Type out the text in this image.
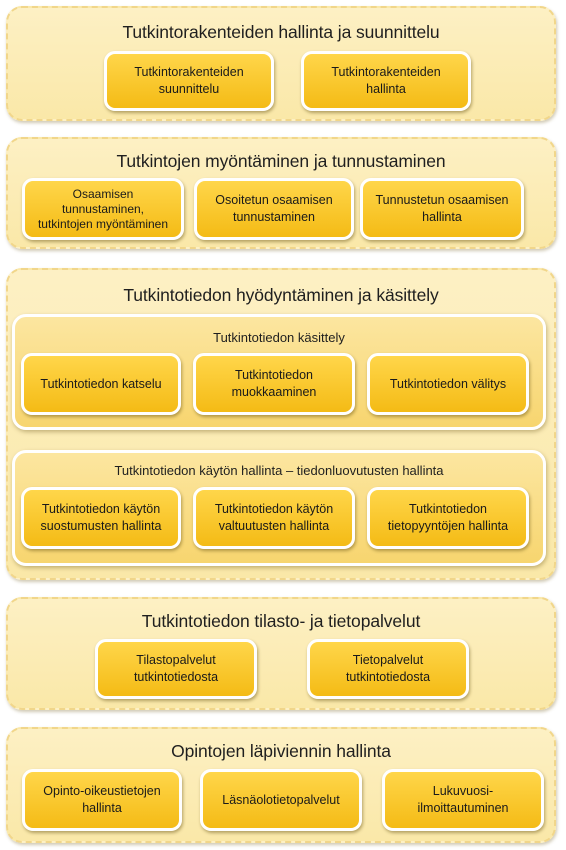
Tutkintorakenteiden hallinta ja suunnittelu
Tutkintorakenteiden
suunnittelu
Tutkintorakenteiden
hallinta
Tutkintojen myöntäminen ja tunnustaminen
Osaamisen
tunnustaminen,
tutkintojen myöntäminen
Osoitetun osaamisen
tunnustaminen
Tunnustetun osaamisen
hallinta
Tutkintotiedon hyödyntäminen ja käsittely
Tutkintotiedon käsittely
Tutkintotiedon katselu
Tutkintotiedon
muokkaaminen
Tutkintotiedon välitys
Tutkintotiedon käytön hallinta – tiedonluovutusten hallinta
Tutkintotiedon käytön
suostumusten hallinta
Tutkintotiedon käytön
valtuutusten hallinta
Tutkintotiedon
tietopyyntöjen hallinta
Tutkintotiedon tilasto- ja tietopalvelut
Tilastopalvelut
tutkintotiedosta
Tietopalvelut
tutkintotiedosta
Opintojen läpiviennin hallinta
Opinto-oikeustietojen
hallinta
Läsnäolotietopalvelut
Lukuvuosi-
ilmoittautuminen
